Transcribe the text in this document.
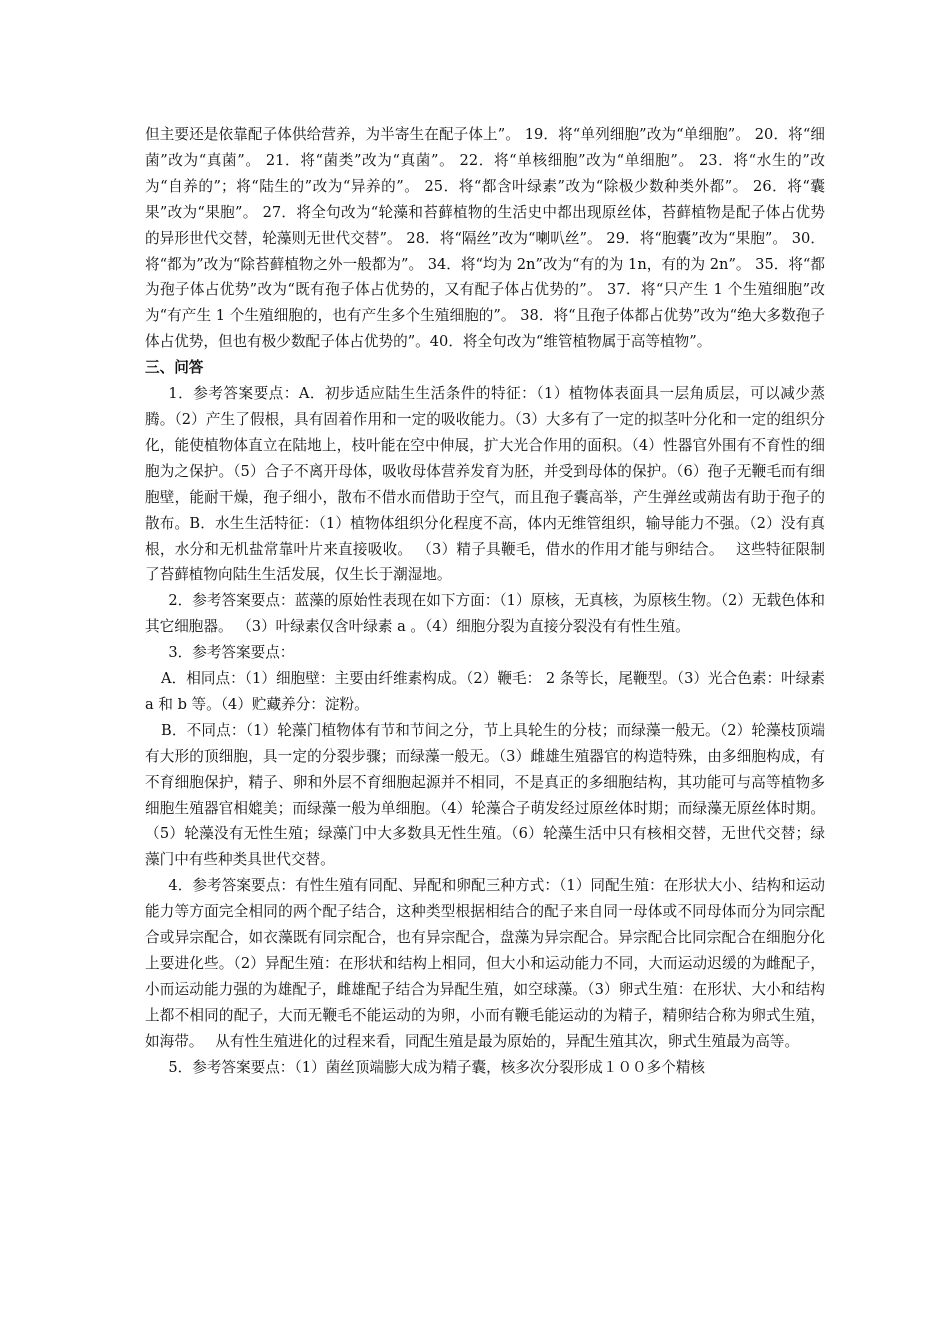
但主要还是依靠配子体供给营养，为半寄生在配子体上”。 19．将“单列细胞”改为“单细胞”。 20．将“细菌”改为“真菌”。 21．将“菌类”改为“真菌”。 22．将“单核细胞”改为“单细胞”。 23．将“水生的”改为“自养的”；将“陆生的”改为“异养的”。 25．将“都含叶绿素”改为“除极少数种类外都”。 26．将“囊果”改为“果胞”。 27．将全句改为“轮藻和苔藓植物的生活史中都出现原丝体，苔藓植物是配子体占优势的异形世代交替，轮藻则无世代交替”。 28．将“隔丝”改为“喇叭丝”。 29．将“胞囊”改为“果胞”。 30．将“都为”改为“除苔藓植物之外一般都为”。 34．将“均为 2n”改为“有的为 1n，有的为 2n”。 35．将“都为孢子体占优势”改为“既有孢子体占优势的，又有配子体占优势的”。 37．将“只产生 1 个生殖细胞”改为“有产生 1 个生殖细胞的，也有产生多个生殖细胞的”。 38．将“且孢子体都占优势”改为“绝大多数孢子体占优势，但也有极少数配子体占优势的”。40．将全句改为“维管植物属于高等植物”。

三、问答

1．参考答案要点：A．初步适应陆生生活条件的特征：（1）植物体表面具一层角质层，可以减少蒸腾。（2）产生了假根，具有固着作用和一定的吸收能力。（3）大多有了一定的拟茎叶分化和一定的组织分化，能使植物体直立在陆地上，枝叶能在空中伸展，扩大光合作用的面积。（4）性器官外围有不育性的细胞为之保护。（5）合子不离开母体，吸收母体营养发育为胚，并受到母体的保护。（6）孢子无鞭毛而有细胞壁，能耐干燥，孢子细小，散布不借水而借助于空气，而且孢子囊高举，产生弹丝或蒴齿有助于孢子的散布。B．水生生活特征：（1）植物体组织分化程度不高，体内无维管组织，输导能力不强。（2）没有真根，水分和无机盐常靠叶片来直接吸收。 （3）精子具鞭毛，借水的作用才能与卵结合。　 这些特征限制了苔藓植物向陆生生活发展，仅生长于潮湿地。

2．参考答案要点：蓝藻的原始性表现在如下方面：（1）原核，无真核，为原核生物。（2）无载色体和其它细胞器。 （3）叶绿素仅含叶绿素 a 。（4）细胞分裂为直接分裂没有有性生殖。

3．参考答案要点：

A．相同点：（1）细胞壁：主要由纤维素构成。（2）鞭毛： 2 条等长，尾鞭型。（3）光合色素：叶绿素 a 和 b 等。（4）贮藏养分：淀粉。

B．不同点：（1）轮藻门植物体有节和节间之分，节上具轮生的分枝；而绿藻一般无。（2）轮藻枝顶端有大形的顶细胞，具一定的分裂步骤；而绿藻一般无。（3）雌雄生殖器官的构造特殊，由多细胞构成，有不育细胞保护，精子、卵和外层不育细胞起源并不相同，不是真正的多细胞结构，其功能可与高等植物多细胞生殖器官相媲美；而绿藻一般为单细胞。（4）轮藻合子萌发经过原丝体时期；而绿藻无原丝体时期。（5）轮藻没有无性生殖；绿藻门中大多数具无性生殖。（6）轮藻生活中只有核相交替，无世代交替；绿藻门中有些种类具世代交替。

4．参考答案要点：有性生殖有同配、异配和卵配三种方式：（1）同配生殖：在形状大小、结构和运动能力等方面完全相同的两个配子结合，这种类型根据相结合的配子来自同一母体或不同母体而分为同宗配合或异宗配合，如衣藻既有同宗配合，也有异宗配合，盘藻为异宗配合。异宗配合比同宗配合在细胞分化上要进化些。（2）异配生殖：在形状和结构上相同，但大小和运动能力不同，大而运动迟缓的为雌配子，小而运动能力强的为雄配子，雌雄配子结合为异配生殖，如空球藻。（3）卵式生殖：在形状、大小和结构上都不相同的配子，大而无鞭毛不能运动的为卵，小而有鞭毛能运动的为精子，精卵结合称为卵式生殖，如海带。　 从有性生殖进化的过程来看，同配生殖是最为原始的，异配生殖其次，卵式生殖最为高等。

5．参考答案要点：（1）菌丝顶端膨大成为精子囊，核多次分裂形成１００多个精核
